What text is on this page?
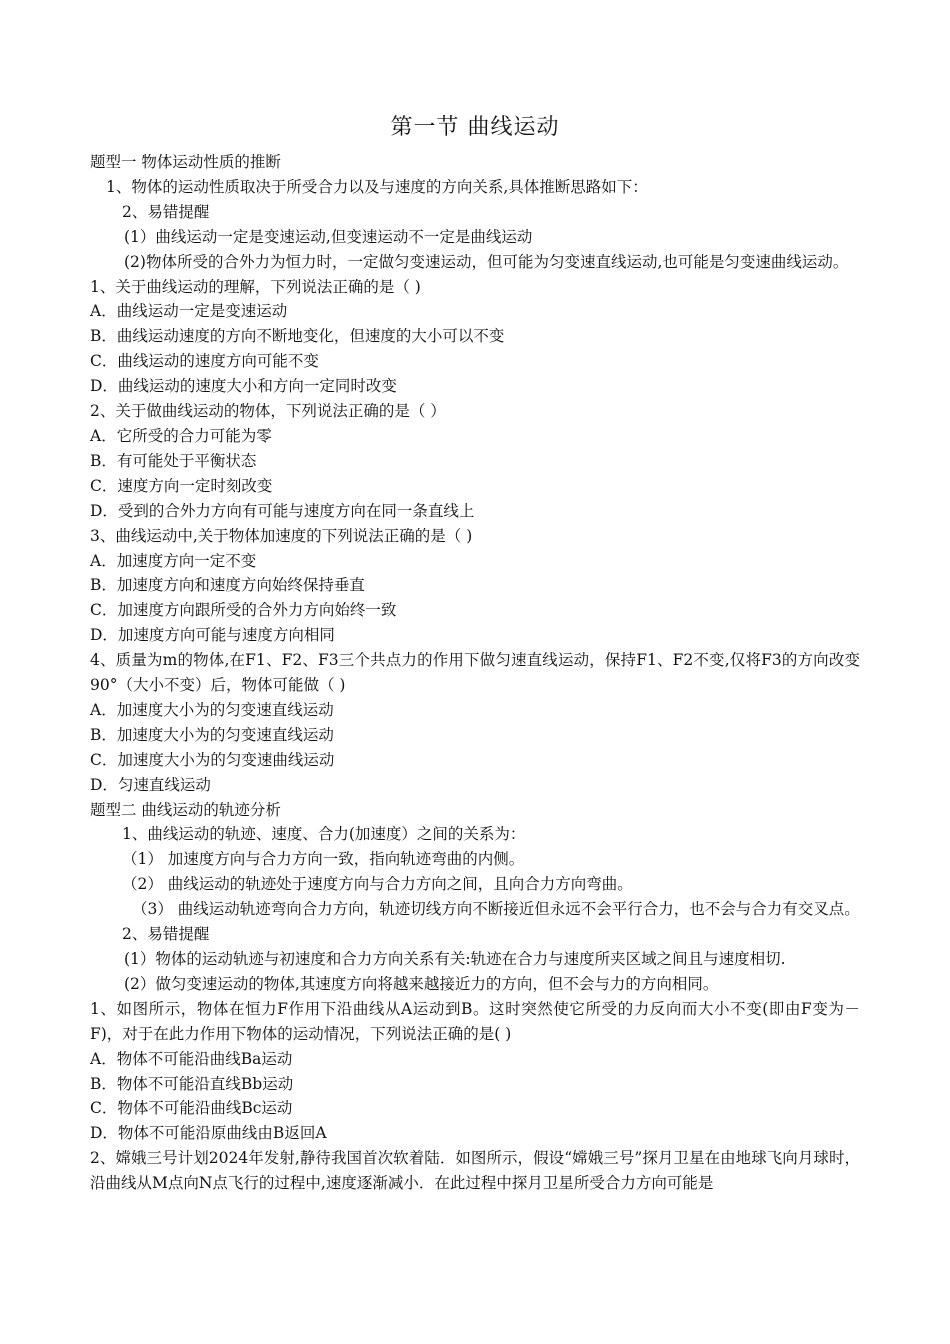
第一节 曲线运动
题型一 物体运动性质的推断
1、物体的运动性质取决于所受合力以及与速度的方向关系,具体推断思路如下：
2、易错提醒
(1）曲线运动一定是变速运动,但变速运动不一定是曲线运动
(2)物体所受的合外力为恒力时，一定做匀变速运动，但可能为匀变速直线运动,也可能是匀变速曲线运动。
1、关于曲线运动的理解，下列说法正确的是（ )
A．曲线运动一定是变速运动
B．曲线运动速度的方向不断地变化，但速度的大小可以不变
C．曲线运动的速度方向可能不变
D．曲线运动的速度大小和方向一定同时改变
2、关于做曲线运动的物体，下列说法正确的是（ ）
A．它所受的合力可能为零
B．有可能处于平衡状态
C．速度方向一定时刻改变
D．受到的合外力方向有可能与速度方向在同一条直线上
3、曲线运动中,关于物体加速度的下列说法正确的是（ )
A．加速度方向一定不变
B．加速度方向和速度方向始终保持垂直
C．加速度方向跟所受的合外力方向始终一致
D．加速度方向可能与速度方向相同
4、质量为m的物体,在F1、F2、F3三个共点力的作用下做匀速直线运动，保持F1、F2不变,仅将F3的方向改变90°（大小不变）后，物体可能做（ )
A．加速度大小为的匀变速直线运动
B．加速度大小为的匀变速直线运动
C．加速度大小为的匀变速曲线运动
D．匀速直线运动
题型二 曲线运动的轨迹分析
1、曲线运动的轨迹、速度、合力(加速度）之间的关系为：
（1） 加速度方向与合力方向一致，指向轨迹弯曲的内侧。
（2） 曲线运动的轨迹处于速度方向与合力方向之间，且向合力方向弯曲。
（3） 曲线运动轨迹弯向合力方向，轨迹切线方向不断接近但永远不会平行合力，也不会与合力有交叉点。
2、易错提醒
(1）物体的运动轨迹与初速度和合力方向关系有关:轨迹在合力与速度所夹区域之间且与速度相切.
(2）做匀变速运动的物体,其速度方向将越来越接近力的方向，但不会与力的方向相同。
1、如图所示，物体在恒力F作用下沿曲线从A运动到B。这时突然使它所受的力反向而大小不变(即由F变为－F)，对于在此力作用下物体的运动情况，下列说法正确的是( )
A．物体不可能沿曲线Ba运动
B．物体不可能沿直线Bb运动
C．物体不可能沿曲线Bc运动
D．物体不可能沿原曲线由B返回A
2、嫦娥三号计划2024年发射,静待我国首次软着陆．如图所示，假设“嫦娥三号”探月卫星在由地球飞向月球时，沿曲线从M点向N点飞行的过程中,速度逐渐减小．在此过程中探月卫星所受合力方向可能是
